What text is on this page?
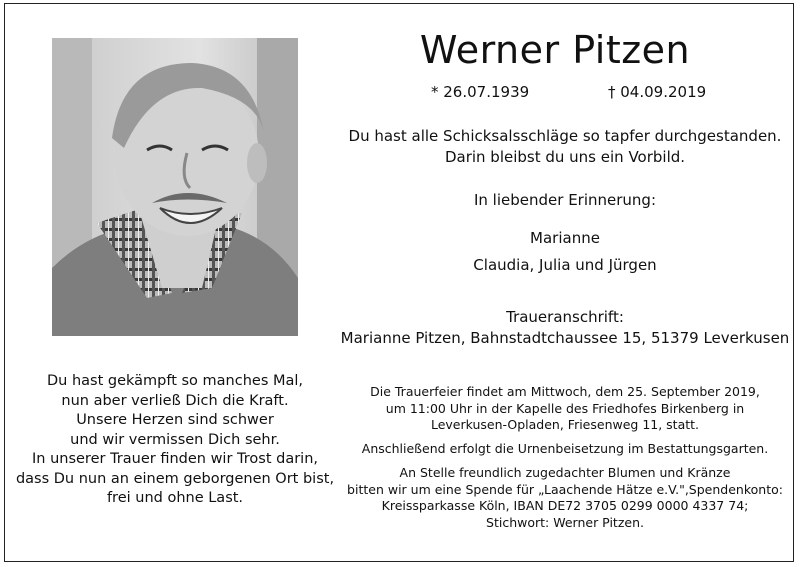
Werner Pitzen
* 26.07.1939	† 04.09.2019
Du hast alle Schicksalsschläge so tapfer durchgestanden.
Darin bleibst du uns ein Vorbild.
In liebender Erinnerung:
Marianne
Claudia, Julia und Jürgen
Traueranschrift:
Marianne Pitzen, Bahnstadtchaussee 15, 51379 Leverkusen
Du hast gekämpft so manches Mal,
nun aber verließ Dich die Kraft.
Unsere Herzen sind schwer
und wir vermissen Dich sehr.
In unserer Trauer finden wir Trost darin,
dass Du nun an einem geborgenen Ort bist,
frei und ohne Last.
Die Trauerfeier findet am Mittwoch, dem 25. September 2019,
um 11:00 Uhr in der Kapelle des Friedhofes Birkenberg in
Leverkusen-Opladen, Friesenweg 11, statt.
Anschließend erfolgt die Urnenbeisetzung im Bestattungsgarten.
An Stelle freundlich zugedachter Blumen und Kränze
bitten wir um eine Spende für „Laachende Hätze e.V.",Spendenkonto:
Kreissparkasse Köln, IBAN DE72 3705 0299 0000 4337 74;
Stichwort: Werner Pitzen.
